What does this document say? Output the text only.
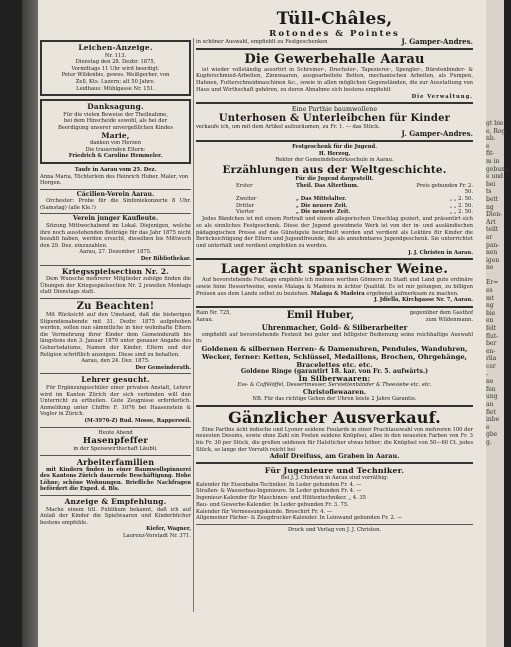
Leichen-Anzeige.
Nr. 113.
Dienstag den 28. Dezbr. 1875,
Vormittags 11 Uhr wird beerdigt:
Peter Wildenbis, gewes. Weißgerber, von
Zell, Kts. Luzern; alt 50 Jahre.
Leidhaus: Mühlgasse Nr. 151.
Danksagung.
Für die vielen Beweise der Theilnahme,
bei dem Hinscheide sowohl, als bei der
Beerdigung unserer unvergeßlichen Kindes
Marie,
danken von Herzen
Die trauernden Eltern:
Friedrich & Caroline Hemmeler.
Taufe in Aarau vom 25. Dez.
Anna Maria, Töchterlein des Heinrich Huber, Maler, von Horgen.
Cäcilien-Verein Aarau.
Orchester: Probe für die Sinfoniekonzerte 8 Uhr. (Samstag) (alle Kle.!)
Verein junger Kaufleute.
Sitzung Mittwochabend im Lokal. Diejenigen, welche ihre noch ausstehenden Beiträge für das Jahr 1875 nicht bezahlt haben, werden ersucht, dieselben bis Mittwoch den 29. Dez. einzuzahlen.
Aarau, 27. Dezember 1875.
Der Bibliothekar.
Kriegsspielsection Nr. 2.
Dem Wunsche mehrerer Mitglieder zufolge finden die Übungen der Kriegsspielsection Nr. 2 jeweilen Montags statt Dienstags statt.
Zu Beachten!
Mit Rücksicht auf den Umstand, daß die bisherigen Stipendienabende mit 31. Dezbr. 1875 aufgehoben werden, sollen nun sämmtliche in hier wohnhafte Eltern die Vermehrung ihrer Kinder dem Gemeinderath bis längstens den 3. Januar 1876 unter genauer Angabe des Geburtsdatums, Namen der Kinder, Eltern und der Religion schriftlich anzeigen. Diese sind zu behalten.
Aarau, den 24. Dez. 1875.
Der Gemeinderath.
Lehrer gesucht.
Für Ergänzungsschüler einer privaten Anstalt, Lehrer wird im Kanton Zürich der sich verbinden will den Unterricht zu ertheilen. Gute Zeugnisse erforderlich. Anmeldung unter Chiffre F. 1076 bei Haasenstein & Vogler in Zürich.
(M-3976-Z) Rud. Mosse, Rapperswil.
Heute Abend
Hasenpfeffer
in der Speisewirthschaft Läubli.
Arbeiterfamilien
mit Kindern finden in einer Baumwollspinnerei des Kantons Zürich dauernde Beschäftigung. Hohe Löhne; schöne Wohnungen. Briefliche Nachfragen befördert die Exped. d. Bls.
Anzeige & Empfehlung.
Mache einem titl. Publikum bekannt, daß ich auf Anlaß der Kinder die Spielwaaren und Kinderbücher bestens empfehle.
Kiefer, Wagner,
Laurenz-Vorstadt Nr. 371.
Tüll-Châles,
Rotondes & Pointes
in schöner Auswahl, empfiehlt zu Festgeschenken	J. Gamper-Andres.
Die Gewerbehalle Aarau
ist wieder vollständig assortirt in Schreiner-, Drechsler-, Tapezierer-, Spengler-, Bürstenbinder- & Kupferschmied-Arbeiten, Zinnwaaren, ausgearbeitete Betten, mechanischen Arbeiten, als Pumpen, Hahnen, Futterschneidmaschinen &c., sowie in allen möglichen Gegenständen, die zur Ausstattung von Haus und Wirthschaft gehören, zu deren Abnahme sich bestens empfiehlt
Die Verwaltung.
Eine Parthie baumwollene
Unterhosen & Unterleibchen für Kinder
verkaufe ich, um mit dem Artikel aufzuräumen, zu Fr. 1. — das Stück.
J. Gamper-Andres.
Festgeschenk für die Jugend.
H. Herzog,
Rektor der Gemeindebezirksschule in Aarau.
Erzählungen aus der Weltgeschichte.
Für die Jugend dargestellt.
Erster	Theil. Das Alterthum.	Preis gebunden Fr. 2. 50.
Zweiter	„ Das Mittelalter.	„ „ 2. 50.
Dritter	„ Die neuere Zeit.	„ „ 2. 50.
Vierter	„ Die neueste Zeit.	„ „ 2. 50.
Jedes Bändchen ist mit einem Portrait und einem allegorischen Umschlag geziert, und präsentirt sich so als sinnliches Festgeschenk. Diese der Jugend gewidmete Werk ist von der in- und ausländischen pädagogischen Presse auf das Günstigste beurtheilt worden und verdient als Lektüre für Kinder die Berücksichtigung der Eltern und Jugendfreunde, die als annehmbares Jugendgeschenk. Sie unterrichtet und unterhält und verdient empfohlen zu werden.
J. J. Christen in Aarau.
Lager ächt spanischer Weine.
Auf bevorstehende Festtage empfehle ich meinen werthen Gönnern zu Stadt und Land gute ordinäre sowie feine Dessertweine, sowie Malaga & Madeira in ächter Qualität. Es ist mir gelungen, zu billigen Preisen aus dem Lande selbst zu beziehen. Malaga & Madeira ergebenst aufmerksam zu machen.
J. Jdiella, Kirchgasse Nr. 7, Aarau.
Rain Nr. 725,
Aarau.	Emil Huber,	gegenüber dem Gasthof
zum Wildenmann.
Uhrenmacher, Gold- & Silberarbeiter
empfiehlt auf bevorstehende Festzeit bei guter und billigster Bedienung seine reichhaltige Auswahl in:
Goldenen & silbernen Herren- & Damenuhren, Pendules, Wanduhren, Wecker, ferner: Ketten, Schlüssel, Medaillons, Brochen, Ohrgehänge, Bracelettes etc. etc.
Goldene Ringe (garantirt 18. kar. von Fr. 5. aufwärts.)
In Silberwaaren:
Ess- & Caffélöffel, Dessertmesser, Serviettenbänder & Theesiebe etc. etc.
Christoflewaaren.
NB. Für das richtige Gehen der Uhren leiste 2 Jahre Garantie.
Gänzlicher Ausverkauf.
Eine Parthie ächt indische und Lyoner seidene Foulards in einer Prachtauswahl von mehreren 100 der neuesten Dessins, sowie ohne Zahl ein Posten seidene Knüpfsei, allee in den neuesten Farben von Fr. 3 bis Fr. 30 per Stück, die großen seidenen für Halstücher etwas höher; die Knüpfsel von 50—60 Ct. jedes Stück, so lange der Vorrath reicht bei
Adolf Dreifuss, am Graben in Aarau.
Für Jugenieure und Techniker.
Bei J. J. Christen in Aarau sind vorräthig:
Kalender für Eisenbahn-Techniker. In Leder gebunden Fr. 4. —
Straßen- & Wasserbau-Ingenieure. In Leder gebunden Fr. 4. —
Ingenieur-Kalender für Maschinen- und Hüttentechniker. „ 4. 35
Bau- und Gewerbe-Kalender. In Leder gebunden Fr. 3. 75.
Kalender für Vermessungskunde. Broschirt Fr. 4. —
Allgemeiner Färber- & Zeugdrucker-Kalender. In Leinwand gebunden Fr. 2. —
Druck und Verlag von J. J. Christen.
gt bie
e, Rog-
nb.
e
fit-
m in
gebung,
e und
bei
ts
bett
ng
Dien-
Art
teilt
er
pan-
nen
igen
ne

Er=
es
mt
ng
bie
en
felt
flut-
ber
en-
rlia
cer
-
ne
fen
ung
an
fiet
inbe
e
gbe
g.
